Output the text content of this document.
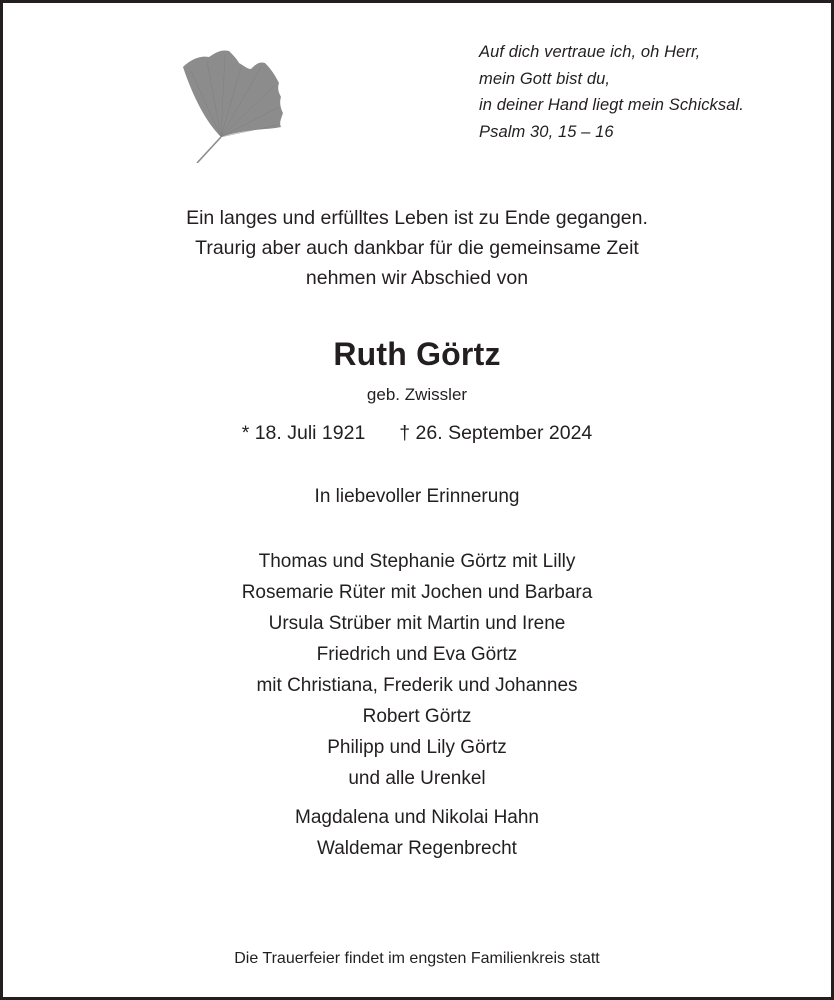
Auf dich vertraue ich, oh Herr,
mein Gott bist du,
in deiner Hand liegt mein Schicksal.
Psalm 30, 15 – 16
Ein langes und erfülltes Leben ist zu Ende gegangen.
Traurig aber auch dankbar für die gemeinsame Zeit
nehmen wir Abschied von
Ruth Görtz
geb. Zwissler
* 18. Juli 1921 † 26. September 2024
In liebevoller Erinnerung
Thomas und Stephanie Görtz mit Lilly
Rosemarie Rüter mit Jochen und Barbara
Ursula Strüber mit Martin und Irene
Friedrich und Eva Görtz
mit Christiana, Frederik und Johannes
Robert Görtz
Philipp und Lily Görtz
und alle Urenkel
Magdalena und Nikolai Hahn
Waldemar Regenbrecht
Die Trauerfeier findet im engsten Familienkreis statt
